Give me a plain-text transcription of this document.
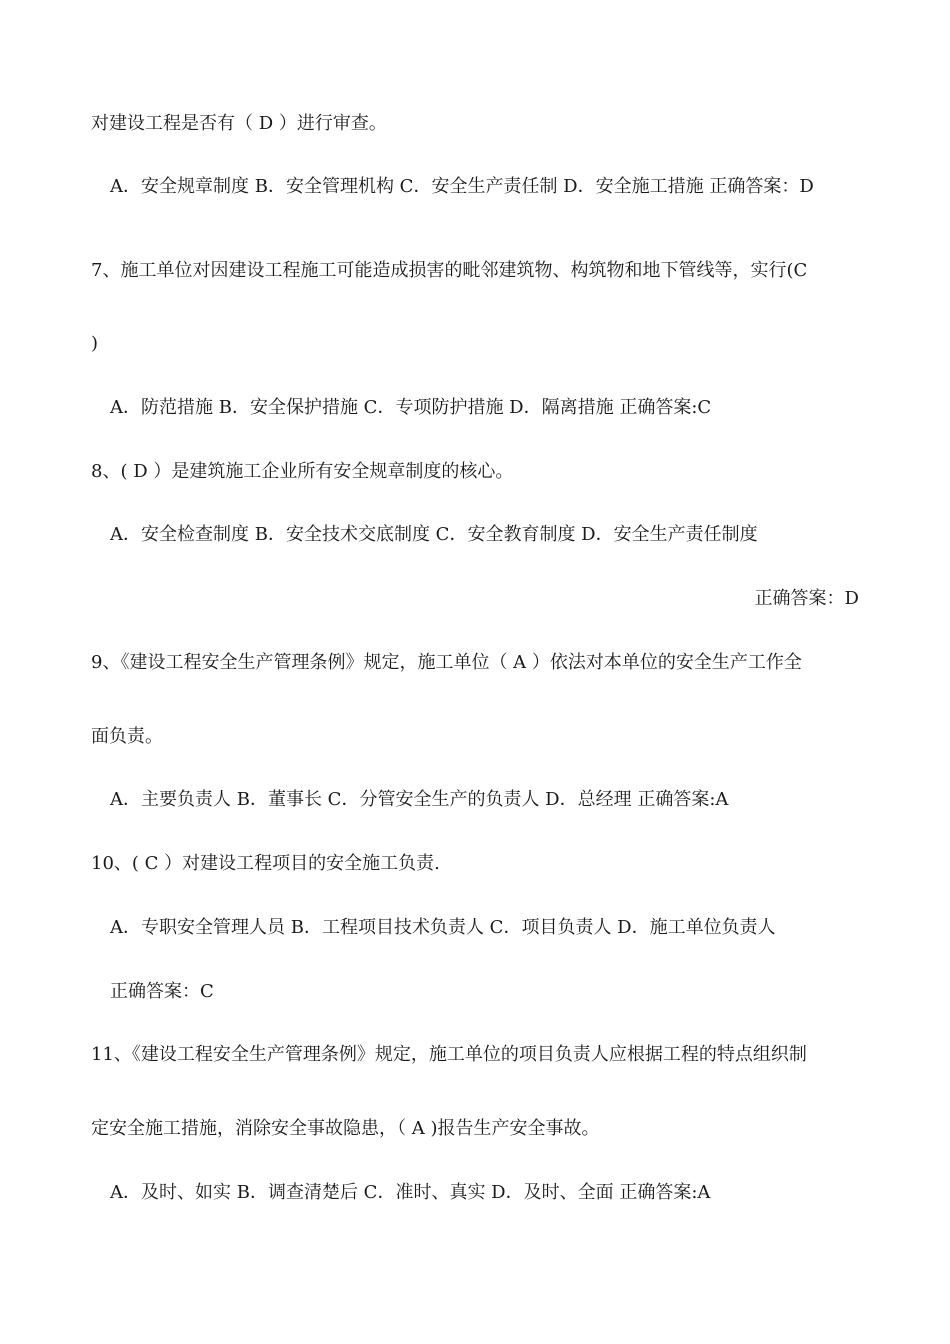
对建设工程是否有（ D ）进行审查。
A．安全规章制度 B．安全管理机构 C．安全生产责任制 D．安全施工措施 正确答案：D
7、施工单位对因建设工程施工可能造成损害的毗邻建筑物、构筑物和地下管线等，实行(C
)
A．防范措施 B．安全保护措施 C．专项防护措施 D．隔离措施 正确答案:C
8、( D ）是建筑施工企业所有安全规章制度的核心。
A．安全检查制度 B．安全技术交底制度 C．安全教育制度 D．安全生产责任制度
正确答案：D
9、《建设工程安全生产管理条例》规定，施工单位（ A ）依法对本单位的安全生产工作全
面负责。
A．主要负责人 B．董事长 C．分管安全生产的负责人 D．总经理 正确答案:A
10、( C ）对建设工程项目的安全施工负责.
A．专职安全管理人员 B．工程项目技术负责人 C．项目负责人 D．施工单位负责人
正确答案：C
11、《建设工程安全生产管理条例》规定，施工单位的项目负责人应根据工程的特点组织制
定安全施工措施，消除安全事故隐患，（ A )报告生产安全事故。
A．及时、如实 B．调查清楚后 C．准时、真实 D．及时、全面 正确答案:A
